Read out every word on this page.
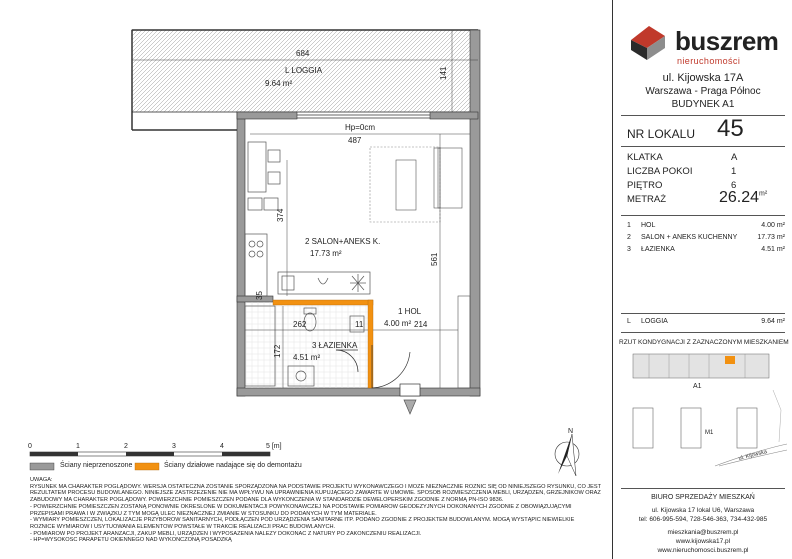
684
141
L LOGGIA
9.64 m²
Hp=0cm
487
374
561
2 SALON+ANEKS K.
17.73 m²
1 HOL
4.00 m² 214
262
35
11
172	3 ŁAZIENKA
4.51 m²
0	1	2	3	4	5 [m]
N
Ściany nieprzenoszone	Ściany działowe nadające się do demontażu
UWAGA:
RYSUNEK MA CHARAKTER POGLĄDOWY. WERSJA OSTATECZNA ZOSTANIE SPORZĄDZONA NA PODSTAWIE PROJEKTU WYKONAWCZEGO I MOŻE NIEZNACZNIE RÓŻNIĆ SIĘ OD NINIEJSZEGO RYSUNKU, CO JEST
REZULTATEM PROCESU BUDOWLANEGO. NINIEJSZE ZASTRZEŻENIE NIE MA WPŁYWU NA UPRAWNIENIA KUPUJĄCEGO ZAWARTE W UMOWIE. SPOSÓB ROZMIESZCZENIA MEBLI, URZĄDZEŃ, GRZEJNIKÓW ORAZ
ZABUDOWY MA CHARAKTER POGLĄDOWY. POWIERZCHNIE POMIESZCZEŃ PODANE DLA WYKOŃCZENIA W STANDARDZIE DEWELOPERSKIM ZGODNIE Z NORMĄ PN-ISO 9836.
- POWIERZCHNIE POMIESZCZEŃ ZOSTANĄ PONOWNIE OKREŚLONE W DOKUMENTACJI POWYKONAWCZEJ NA PODSTAWIE POMIARÓW GEODEZYJNYCH DOKONANYCH ZGODNIE Z OBOWIĄZUJĄCYMI
PRZEPISAMI PRAWA I W ZWIĄZKU Z TYM MOGĄ ULEC NIEZNACZNEJ ZMIANIE W STOSUNKU DO PODANYCH W TYM MATERIALE.
- WYMIARY POMIESZCZEŃ, LOKALIZACJE PRZYBORÓW SANITARNYCH, PODŁĄCZEŃ POD URZĄDZENIA SANITARNE ITP. PODANO ZGODNIE Z PROJEKTEM BUDOWLANYM. MOGĄ WYSTĄPIĆ NIEWIELKIE
RÓŻNICE WYMIARÓW I USYTUOWANIA ELEMENTÓW POWSTAŁE W TRAKCIE REALIZACJI PRAC BUDOWLANYCH.
- POMIARÓW PO PROJEKT ARANŻACJI, ZAKUP MEBLI, URZĄDZEŃ I WYPOSAŻENIA NALEŻY DOKONAĆ Z NATURY PO ZAKOŃCZENIU REALIZACJI.
- HP=WYSOKOŚĆ PARAPETU OKIENNEGO NAD WYKOŃCZONĄ POSADZKĄ
buszrem
nieruchomości
ul. Kijowska 17A
Warszawa - Praga Północ
BUDYNEK A1
NR LOKALU 45
KLATKA	A
LICZBA POKOI	1
PIĘTRO	6
METRAŻ	$26.24^{m^2}$
1 HOL	4.00 m²
2 SALON + ANEKS KUCHENNY	17.73 m²
3 ŁAZIENKA	4.51 m²
L LOGGIA	9.64 m²
RZUT KONDYGNACJI Z ZAZNACZONYM MIESZKANIEM
A1
M1
ul. Kijowska
BIURO SPRZEDAŻY MIESZKAŃ
ul. Kijowska 17 lokal U6, Warszawa
tel: 606-995-594, 728-546-363, 734-432-985
mieszkania@buszrem.pl
www.kijowska17.pl
www.nieruchomosci.buszrem.pl
